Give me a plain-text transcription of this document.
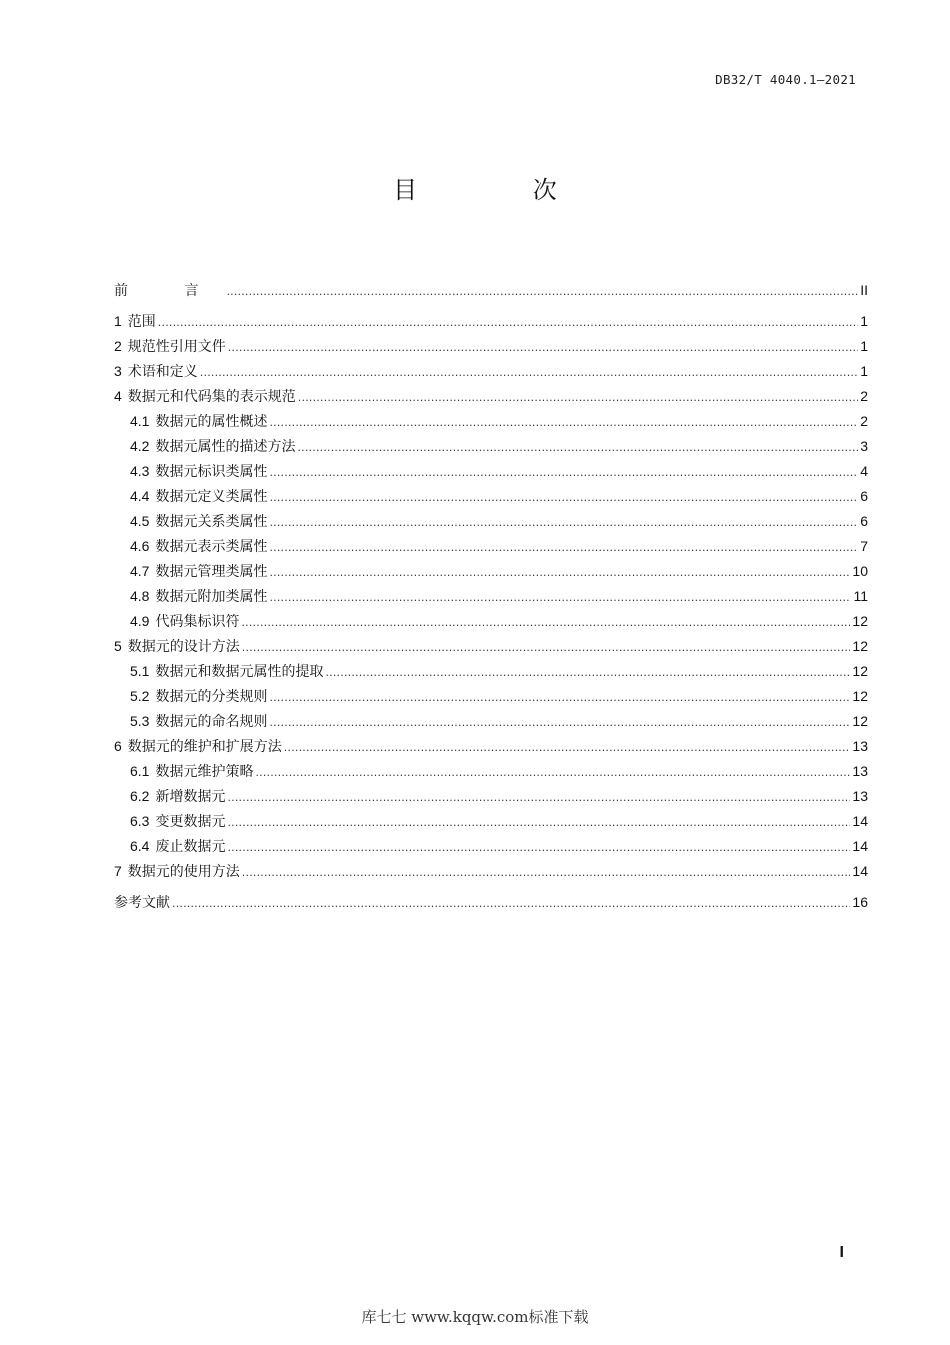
DB32/T 4040.1—2021
目 次
前 言 .....	II
1 范围 .....	1
2 规范性引用文件 .....	1
3 术语和定义 .....	1
4 数据元和代码集的表示规范 .....	2
4.1 数据元的属性概述 .....	2
4.2 数据元属性的描述方法 .....	3
4.3 数据元标识类属性 .....	4
4.4 数据元定义类属性 .....	6
4.5 数据元关系类属性 .....	6
4.6 数据元表示类属性 .....	7
4.7 数据元管理类属性 .....	10
4.8 数据元附加类属性 .....	11
4.9 代码集标识符 .....	12
5 数据元的设计方法 .....	12
5.1 数据元和数据元属性的提取 .....	12
5.2 数据元的分类规则 .....	12
5.3 数据元的命名规则 .....	12
6 数据元的维护和扩展方法 .....	13
6.1 数据元维护策略 .....	13
6.2 新增数据元 .....	13
6.3 变更数据元 .....	14
6.4 废止数据元 .....	14
7 数据元的使用方法 .....	14
参考文献 .....	16
I
库七七 www.kqqw.com标准下载
